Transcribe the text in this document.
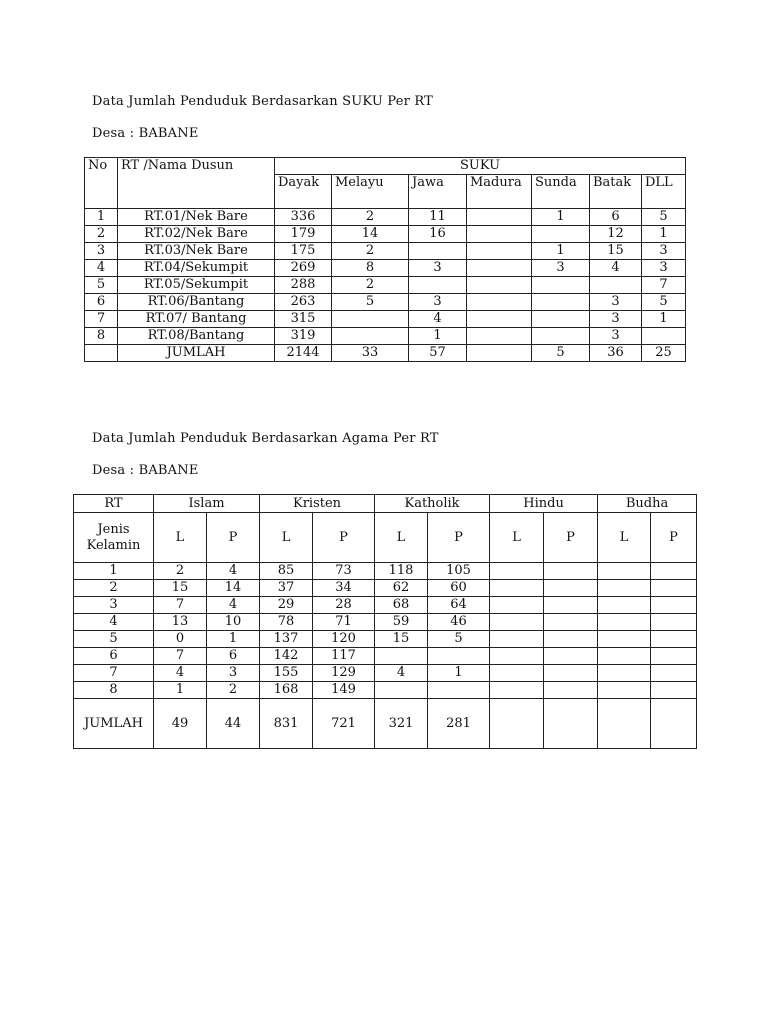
Data Jumlah Penduduk Berdasarkan SUKU Per RT
Desa : BABANE
No	RT /Nama Dusun	SUKU						
		Dayak	Melayu	Jawa	Madura	Sunda	Batak	DLL
1	RT.01/Nek Bare	336	2	11		1	6	5
2	RT.02/Nek Bare	179	14	16			12	1
3	RT.03/Nek Bare	175	2			1	15	3
4	RT.04/Sekumpit	269	8	3		3	4	3
5	RT.05/Sekumpit	288	2					7
6	RT.06/Bantang	263	5	3			3	5
7	RT.07/ Bantang	315		4			3	1
8	RT.08/Bantang	319		1			3	
	JUMLAH	2144	33	57		5	36	25
Data Jumlah Penduduk Berdasarkan Agama Per RT
Desa : BABANE
RT	Islam		Kristen		Katholik		Hindu		Budha	
Jenis Kelamin	L	P	L	P	L	P	L	P	L	P
1	2	4	85	73	118	105				
2	15	14	37	34	62	60				
3	7	4	29	28	68	64				
4	13	10	78	71	59	46				
5	0	1	137	120	15	5				
6	7	6	142	117						
7	4	3	155	129	4	1				
8	1	2	168	149						
JUMLAH	49	44	831	721	321	281				
